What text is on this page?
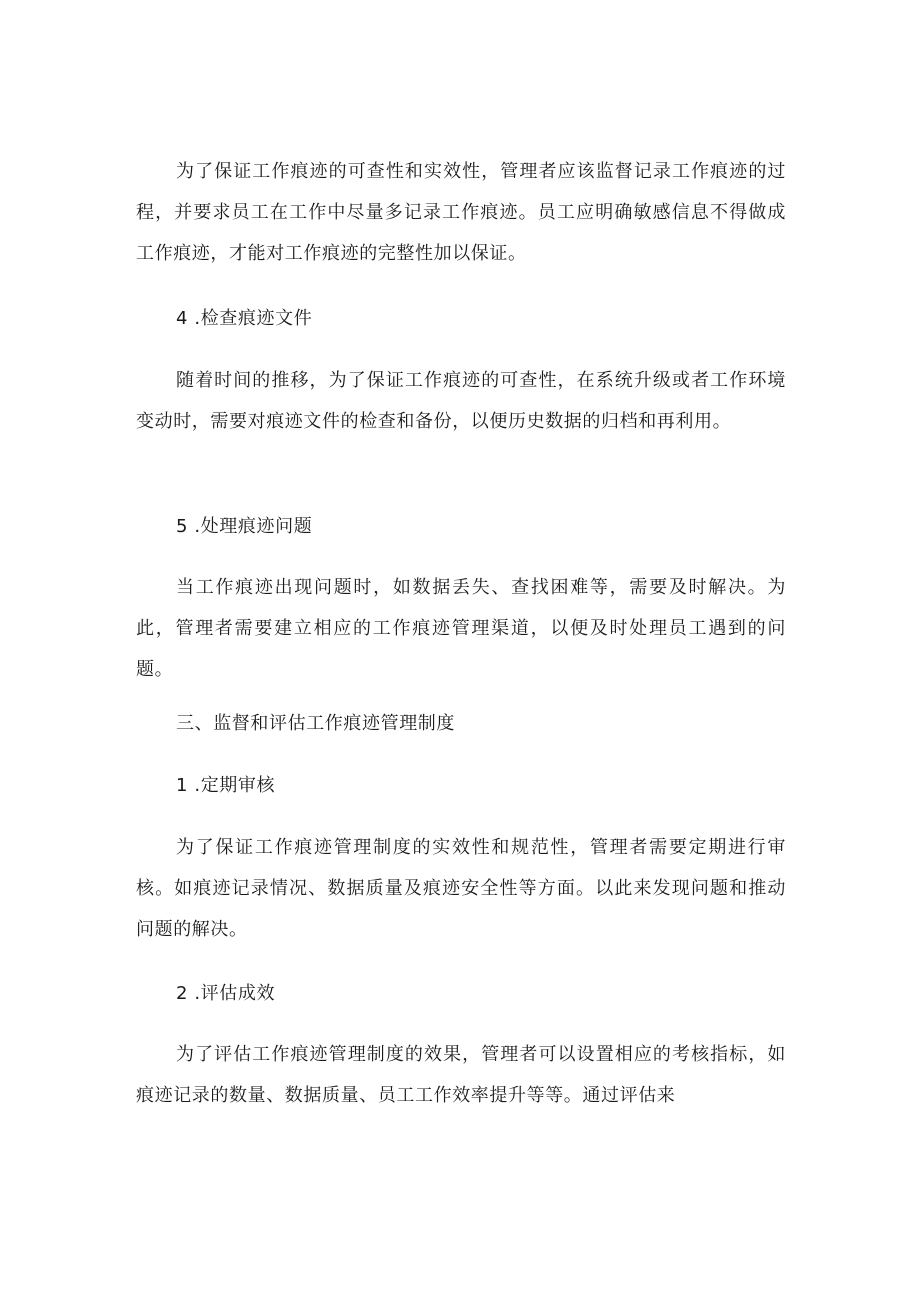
为了保证工作痕迹的可查性和实效性，管理者应该监督记录工作痕迹的过程，并要求员工在工作中尽量多记录工作痕迹。员工应明确敏感信息不得做成工作痕迹，才能对工作痕迹的完整性加以保证。

4 .检查痕迹文件

随着时间的推移，为了保证工作痕迹的可查性，在系统升级或者工作环境变动时，需要对痕迹文件的检查和备份，以便历史数据的归档和再利用。

5 .处理痕迹问题

当工作痕迹出现问题时，如数据丢失、查找困难等，需要及时解决。为此，管理者需要建立相应的工作痕迹管理渠道，以便及时处理员工遇到的问题。

三、监督和评估工作痕迹管理制度

1 .定期审核

为了保证工作痕迹管理制度的实效性和规范性，管理者需要定期进行审核。如痕迹记录情况、数据质量及痕迹安全性等方面。以此来发现问题和推动问题的解决。

2 .评估成效

为了评估工作痕迹管理制度的效果，管理者可以设置相应的考核指标，如痕迹记录的数量、数据质量、员工工作效率提升等等。通过评估来
